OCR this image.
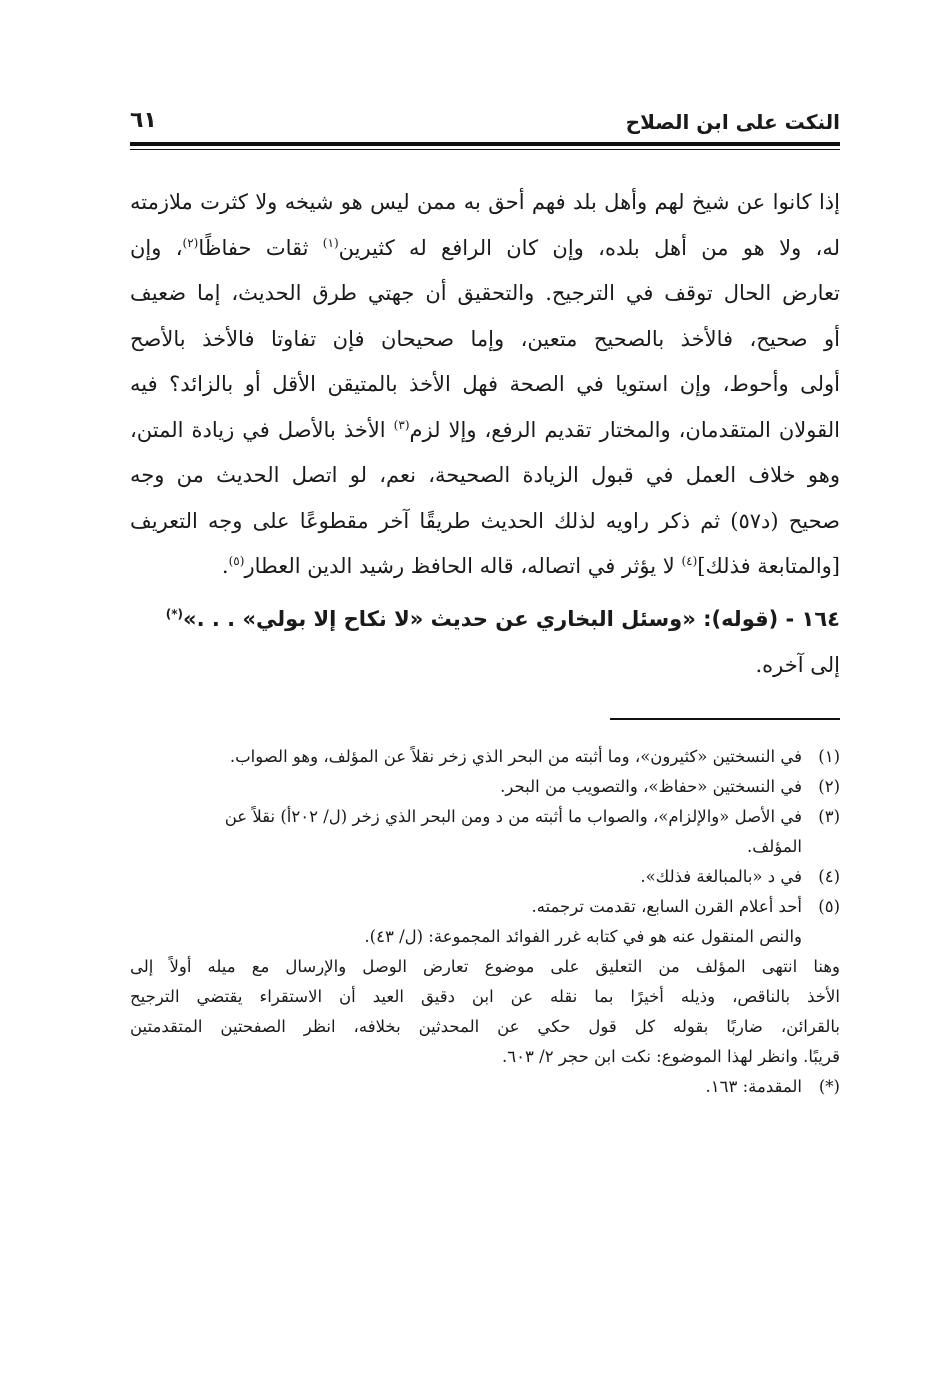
النكت على ابن الصلاح
٦١
إذا كانوا عن شيخ لهم وأهل بلد فهم أحق به ممن ليس هو شيخه ولا كثرت ملازمته
له، ولا هو من أهل بلده، وإن كان الرافع له كثيرين$^{(١)}$ ثقات حفاظًا$^{(٢)}$، وإن
تعارض الحال توقف في الترجيح. والتحقيق أن جهتي طرق الحديث، إما ضعيف
أو صحيح، فالأخذ بالصحيح متعين، وإما صحيحان فإن تفاوتا فالأخذ بالأصح
أولى وأحوط، وإن استويا في الصحة فهل الأخذ بالمتيقن الأقل أو بالزائد؟ فيه
القولان المتقدمان، والمختار تقديم الرفع، وإلا لزم$^{(٣)}$ الأخذ بالأصل في زيادة المتن،
وهو خلاف العمل في قبول الزيادة الصحيحة، نعم، لو اتصل الحديث من وجه
صحيح (د٥٧) ثم ذكر راويه لذلك الحديث طريقًا آخر مقطوعًا على وجه التعريف
[والمتابعة فذلك]$^{(٤)}$ لا يؤثر في اتصاله، قاله الحافظ رشيد الدين العطار$^{(٥)}$.
١٦٤ - (قوله): «وسئل البخاري عن حديث «لا نكاح إلا بولي» . . .»(*)
إلى آخره.
(١)
في النسختين «كثيرون»، وما أثبته من البحر الذي زخر نقلاً عن المؤلف، وهو الصواب.
(٢)
في النسختين «حفاظ»، والتصويب من البحر.
(٣)
في الأصل «والإلزام»، والصواب ما أثبته من د ومن البحر الذي زخر (ل/ ٢٠٢أ) نقلاً عن
المؤلف.
(٤)
في د «بالمبالغة فذلك».
(٥)
أحد أعلام القرن السابع، تقدمت ترجمته.
والنص المنقول عنه هو في كتابه غرر الفوائد المجموعة: (ل/ ٤٣).
وهنا انتهى المؤلف من التعليق على موضوع تعارض الوصل والإرسال مع ميله أولاً إلى
الأخذ بالناقص، وذيله أخيرًا بما نقله عن ابن دقيق العيد أن الاستقراء يقتضي الترجيح
بالقرائن، ضاربًا بقوله كل قول حكي عن المحدثين بخلافه، انظر الصفحتين المتقدمتين
قريبًا. وانظر لهذا الموضوع: نكت ابن حجر ٢/ ٦٠٣.
(*)
المقدمة: ١٦٣.
